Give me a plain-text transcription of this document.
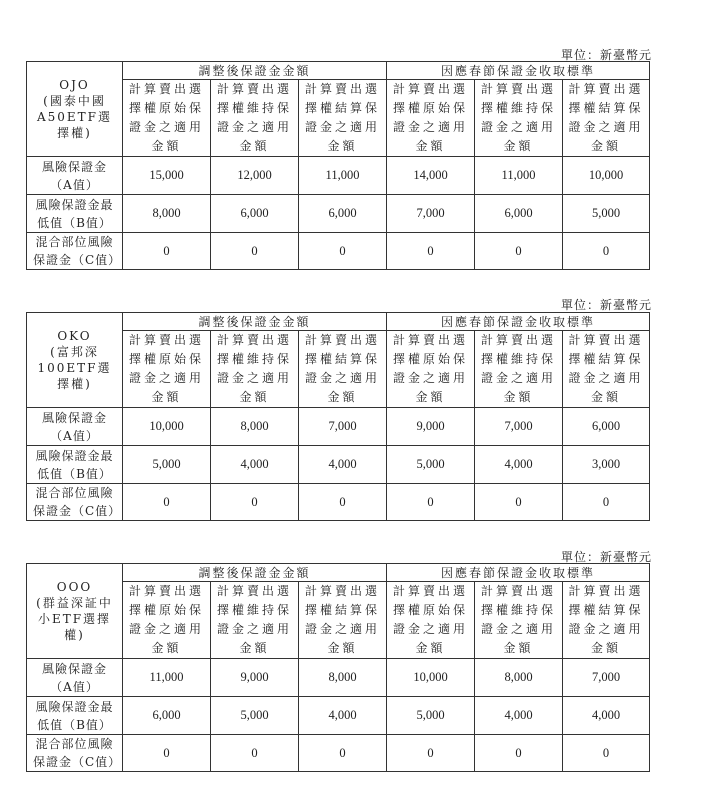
單位：新臺幣元
OJO
(國泰中國A50ETF選擇權)	調整後保證金金額			因應春節保證金收取標準		
	計算賣出選擇權原始保證金之適用金額	計算賣出選擇權維持保證金之適用金額	計算賣出選擇權結算保證金之適用金額	計算賣出選擇權原始保證金之適用金額	計算賣出選擇權維持保證金之適用金額	計算賣出選擇權結算保證金之適用金額
風險保證金（A值）	15,000	12,000	11,000	14,000	11,000	10,000
風險保證金最低值（B值）	8,000	6,000	6,000	7,000	6,000	5,000
混合部位風險保證金（C值）	0	0	0	0	0	0
單位：新臺幣元
OKO
(富邦深100ETF選擇權)	調整後保證金金額			因應春節保證金收取標準		
	計算賣出選擇權原始保證金之適用金額	計算賣出選擇權維持保證金之適用金額	計算賣出選擇權結算保證金之適用金額	計算賣出選擇權原始保證金之適用金額	計算賣出選擇權維持保證金之適用金額	計算賣出選擇權結算保證金之適用金額
風險保證金（A值）	10,000	8,000	7,000	9,000	7,000	6,000
風險保證金最低值（B值）	5,000	4,000	4,000	5,000	4,000	3,000
混合部位風險保證金（C值）	0	0	0	0	0	0
單位：新臺幣元
OOO
(群益深証中小ETF選擇權)	調整後保證金金額			因應春節保證金收取標準		
	計算賣出選擇權原始保證金之適用金額	計算賣出選擇權維持保證金之適用金額	計算賣出選擇權結算保證金之適用金額	計算賣出選擇權原始保證金之適用金額	計算賣出選擇權維持保證金之適用金額	計算賣出選擇權結算保證金之適用金額
風險保證金（A值）	11,000	9,000	8,000	10,000	8,000	7,000
風險保證金最低值（B值）	6,000	5,000	4,000	5,000	4,000	4,000
混合部位風險保證金（C值）	0	0	0	0	0	0
